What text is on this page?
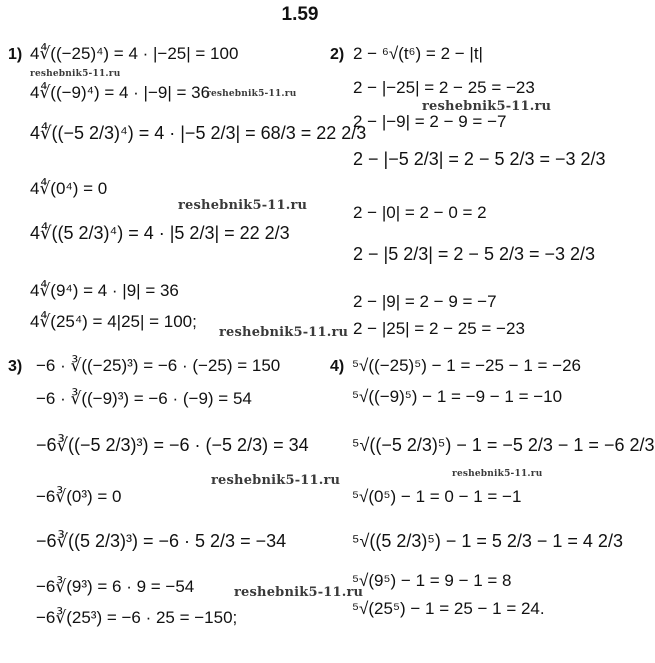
1.59
1) 4∜((−25)⁴) = 4 · |−25| = 100
4∜((−9)⁴) = 4 · |−9| = 36
4∜((−5 2/3)⁴) = 4 · |−5 2/3| = 68/3 = 22 2/3
4∜(0⁴) = 0
4∜((5 2/3)⁴) = 4 · |5 2/3| = 22 2/3
4∜(9⁴) = 4 · |9| = 36
4∜(25⁴) = 4|25| = 100;
2) 2 − ⁶√(t⁶) = 2 − |t|
2 − |−25| = 2 − 25 = −23
2 − |−9| = 2 − 9 = −7
2 − |−5 2/3| = 2 − 5 2/3 = −3 2/3
2 − |0| = 2 − 0 = 2
2 − |5 2/3| = 2 − 5 2/3 = −3 2/3
2 − |9| = 2 − 9 = −7
2 − |25| = 2 − 25 = −23
3) −6 · ∛((−25)³) = −6 · (−25) = 150
−6 · ∛((−9)³) = −6 · (−9) = 54
−6∛((−5 2/3)³) = −6 · (−5 2/3) = 34
−6∛(0³) = 0
−6∛((5 2/3)³) = −6 · 5 2/3 = −34
−6∛(9³) = 6 · 9 = −54
−6∛(25³) = −6 · 25 = −150;
4) ⁵√((−25)⁵) − 1 = −25 − 1 = −26
⁵√((−9)⁵) − 1 = −9 − 1 = −10
⁵√((−5 2/3)⁵) − 1 = −5 2/3 − 1 = −6 2/3
⁵√(0⁵) − 1 = 0 − 1 = −1
⁵√((5 2/3)⁵) − 1 = 5 2/3 − 1 = 4 2/3
⁵√(9⁵) − 1 = 9 − 1 = 8
⁵√(25⁵) − 1 = 25 − 1 = 24.
reshebnik5-11.ru
reshebnik5-11.ru
reshebnik5-11.ru
reshebnik5-11.ru
reshebnik5-11.ru
reshebnik5-11.ru
reshebnik5-11.ru
reshebnik5-11.ru
